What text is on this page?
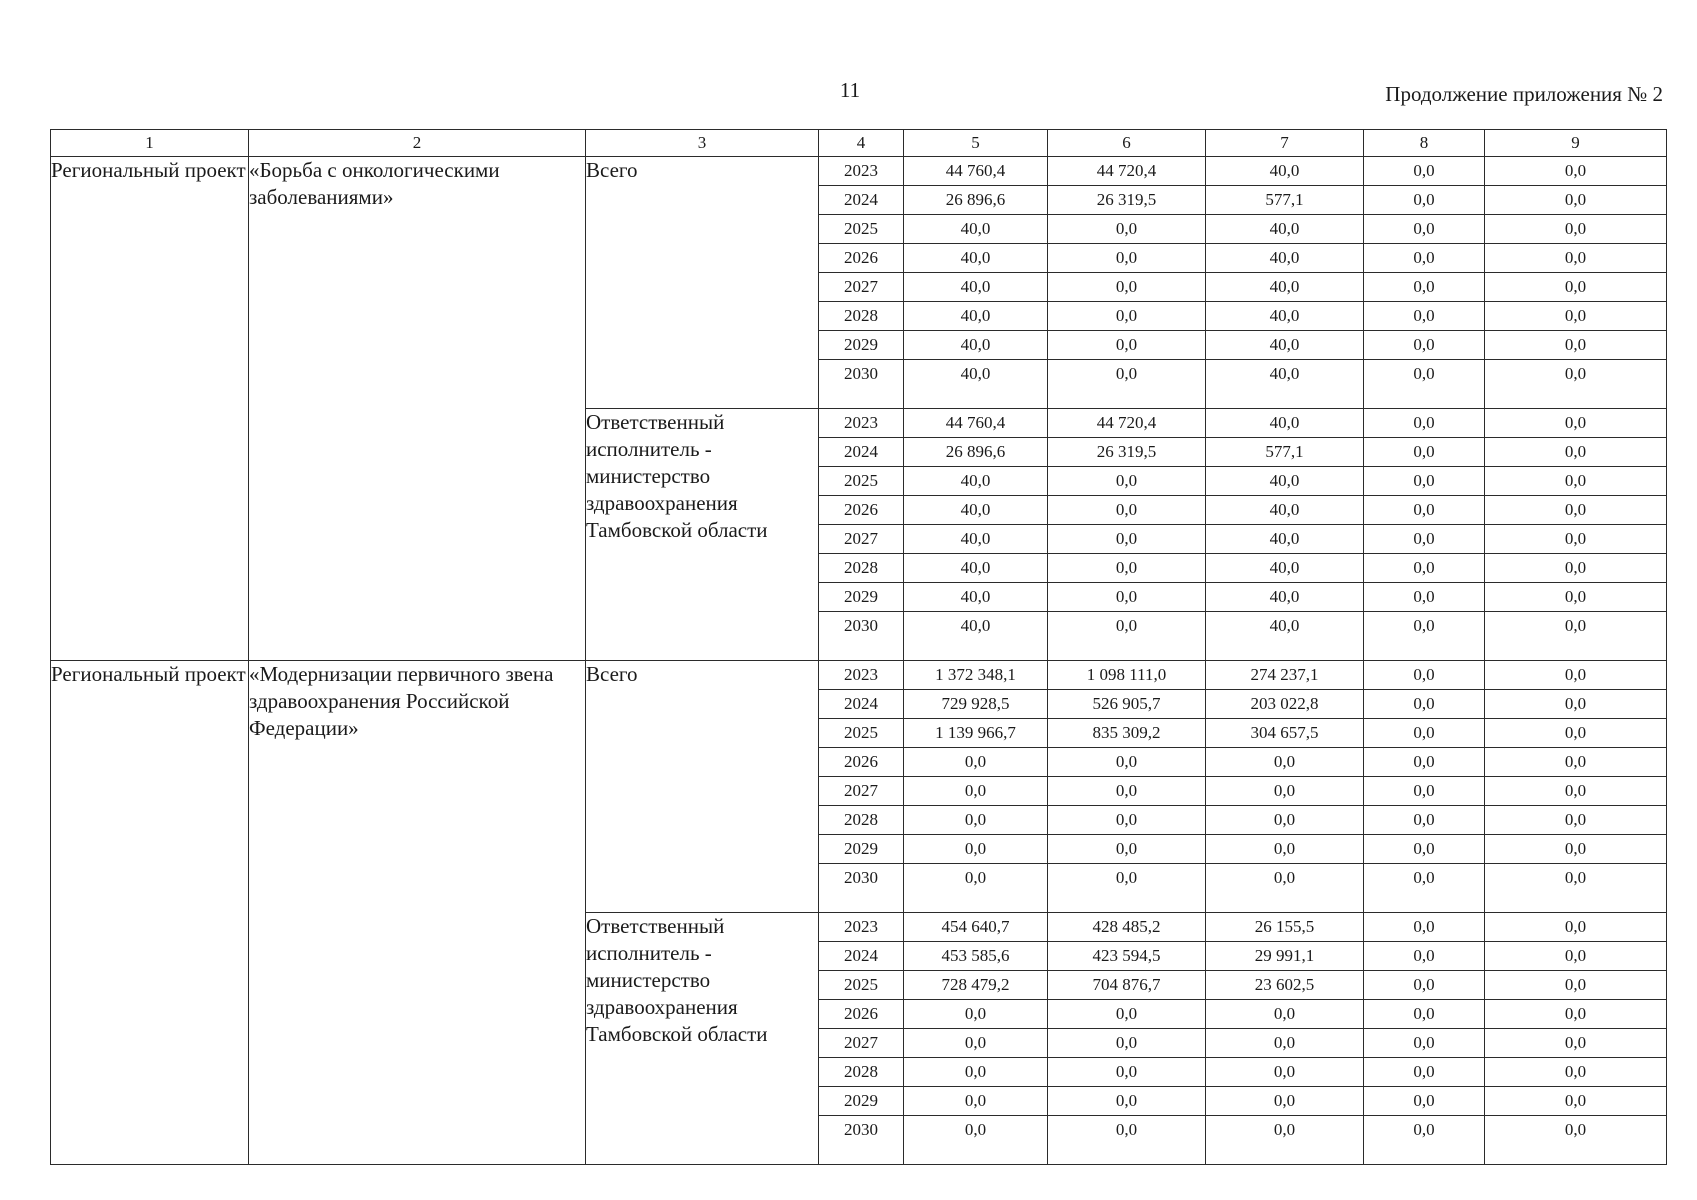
11	Продолжение приложения № 2
1	2	3	4	5	6	7	8	9
Региональный проект	«Борьба с онкологическими заболеваниями»	Всего	2023	44 760,4	44 720,4	40,0	0,0	0,0
			2024	26 896,6	26 319,5	577,1	0,0	0,0
			2025	40,0	0,0	40,0	0,0	0,0
			2026	40,0	0,0	40,0	0,0	0,0
			2027	40,0	0,0	40,0	0,0	0,0
			2028	40,0	0,0	40,0	0,0	0,0
			2029	40,0	0,0	40,0	0,0	0,0
			2030	40,0	0,0	40,0	0,0	0,0
		Ответственный исполнитель - министерство здравоохранения Тамбовской области	2023	44 760,4	44 720,4	40,0	0,0	0,0
			2024	26 896,6	26 319,5	577,1	0,0	0,0
			2025	40,0	0,0	40,0	0,0	0,0
			2026	40,0	0,0	40,0	0,0	0,0
			2027	40,0	0,0	40,0	0,0	0,0
			2028	40,0	0,0	40,0	0,0	0,0
			2029	40,0	0,0	40,0	0,0	0,0
			2030	40,0	0,0	40,0	0,0	0,0
Региональный проект	«Модернизации первичного звена здравоохранения Российской Федерации»	Всего	2023	1 372 348,1	1 098 111,0	274 237,1	0,0	0,0
			2024	729 928,5	526 905,7	203 022,8	0,0	0,0
			2025	1 139 966,7	835 309,2	304 657,5	0,0	0,0
			2026	0,0	0,0	0,0	0,0	0,0
			2027	0,0	0,0	0,0	0,0	0,0
			2028	0,0	0,0	0,0	0,0	0,0
			2029	0,0	0,0	0,0	0,0	0,0
			2030	0,0	0,0	0,0	0,0	0,0
		Ответственный исполнитель - министерство здравоохранения Тамбовской области	2023	454 640,7	428 485,2	26 155,5	0,0	0,0
			2024	453 585,6	423 594,5	29 991,1	0,0	0,0
			2025	728 479,2	704 876,7	23 602,5	0,0	0,0
			2026	0,0	0,0	0,0	0,0	0,0
			2027	0,0	0,0	0,0	0,0	0,0
			2028	0,0	0,0	0,0	0,0	0,0
			2029	0,0	0,0	0,0	0,0	0,0
			2030	0,0	0,0	0,0	0,0	0,0
